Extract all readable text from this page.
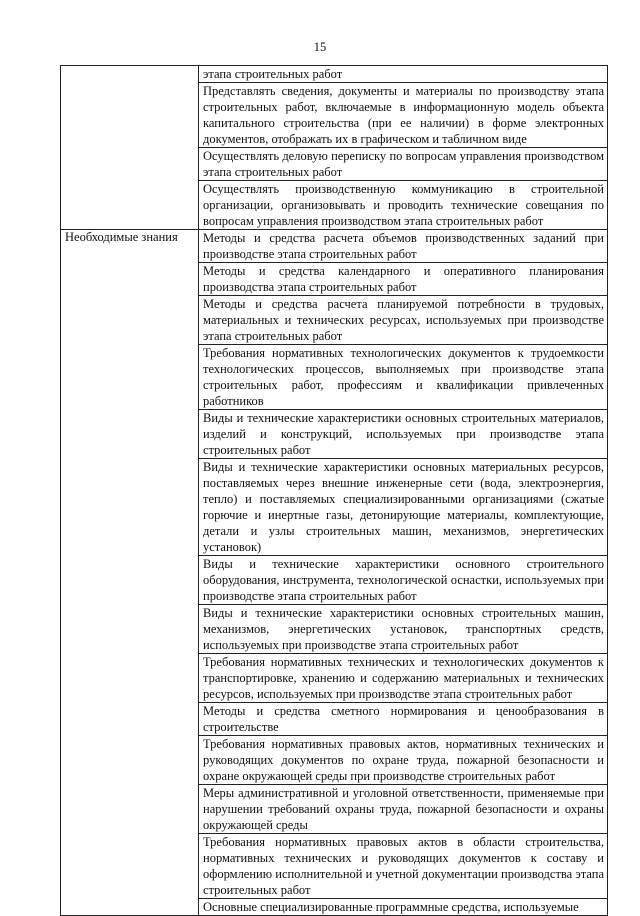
15

	этапа строительных работ

	Представлять сведения, документы и материалы по производству этапа строительных работ, включаемые в информационную модель объекта капитального строительства (при ее наличии) в форме электронных документов, отображать их в графическом и табличном виде

	Осуществлять деловую переписку по вопросам управления производством этапа строительных работ

	Осуществлять производственную коммуникацию в строительной организации, организовывать и проводить технические совещания по вопросам управления производством этапа строительных работ

Необходимые знания	Методы и средства расчета объемов производственных заданий при производстве этапа строительных работ

	Методы и средства календарного и оперативного планирования производства этапа строительных работ

	Методы и средства расчета планируемой потребности в трудовых, материальных и технических ресурсах, используемых при производстве этапа строительных работ

	Требования нормативных технологических документов к трудоемкости технологических процессов, выполняемых при производстве этапа строительных работ, профессиям и квалификации привлеченных работников

	Виды и технические характеристики основных строительных материалов, изделий и конструкций, используемых при производстве этапа строительных работ

	Виды и технические характеристики основных материальных ресурсов, поставляемых через внешние инженерные сети (вода, электроэнергия, тепло) и поставляемых специализированными организациями (сжатые горючие и инертные газы, детонирующие материалы, комплектующие, детали и узлы строительных машин, механизмов, энергетических установок)

	Виды и технические характеристики основного строительного оборудования, инструмента, технологической оснастки, используемых при производстве этапа строительных работ

	Виды и технические характеристики основных строительных машин, механизмов, энергетических установок, транспортных средств, используемых при производстве этапа строительных работ

	Требования нормативных технических и технологических документов к транспортировке, хранению и содержанию материальных и технических ресурсов, используемых при производстве этапа строительных работ

	Методы и средства сметного нормирования и ценообразования в строительстве

	Требования нормативных правовых актов, нормативных технических и руководящих документов по охране труда, пожарной безопасности и охране окружающей среды при производстве строительных работ

	Меры административной и уголовной ответственности, применяемые при нарушении требований охраны труда, пожарной безопасности и охраны окружающей среды

	Требования нормативных правовых актов в области строительства, нормативных технических и руководящих документов к составу и оформлению исполнительной и учетной документации производства этапа строительных работ

	Основные специализированные программные средства, используемые
